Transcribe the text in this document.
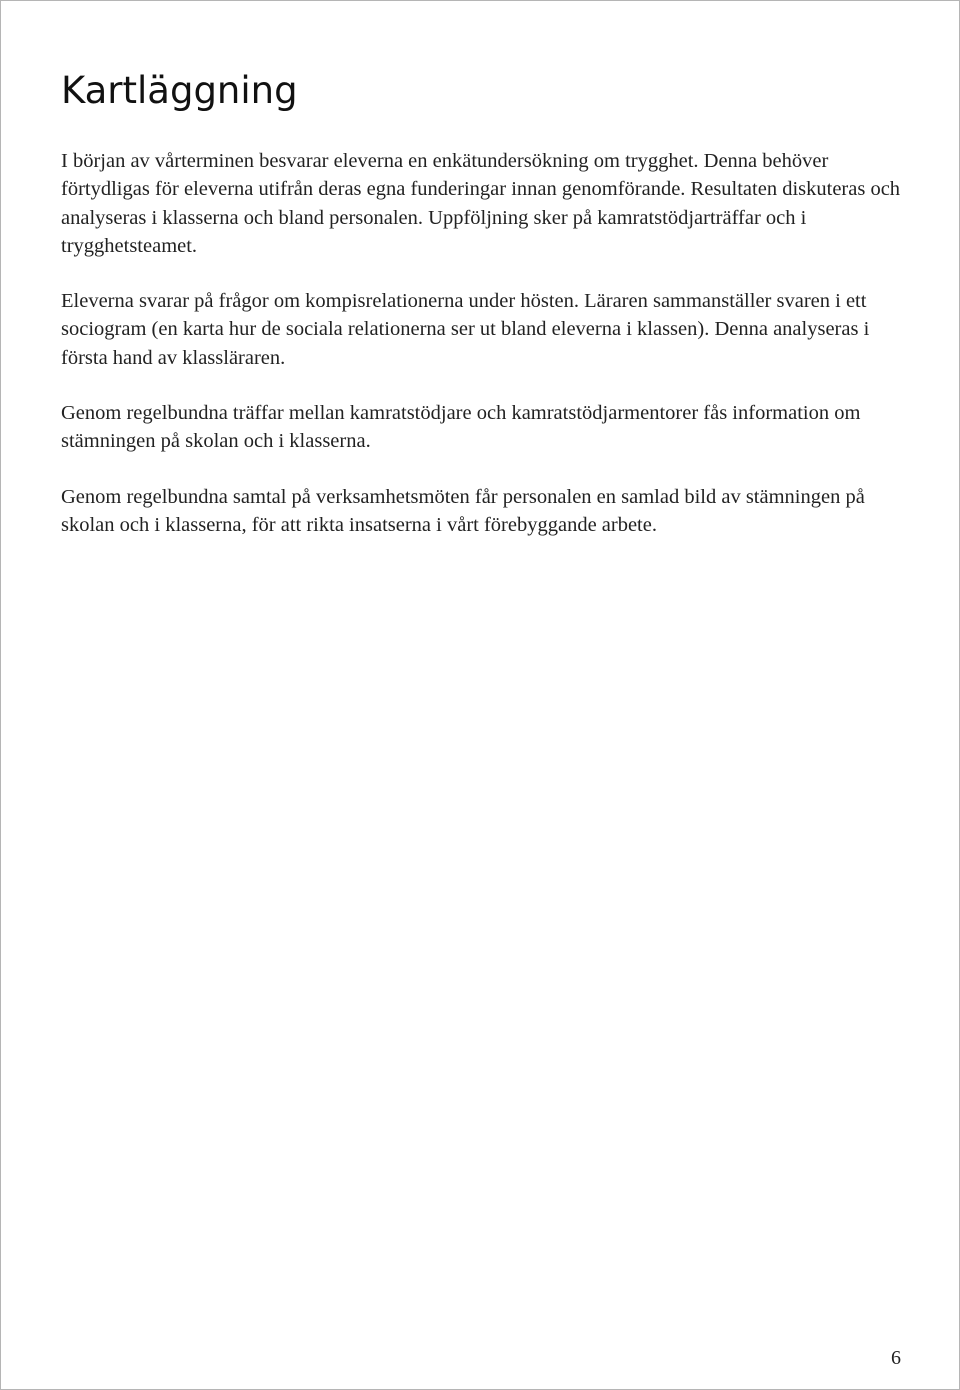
Kartläggning

I början av vårterminen besvarar eleverna en enkätundersökning om trygghet. Denna behöver förtydligas för eleverna utifrån deras egna funderingar innan genomförande. Resultaten diskuteras och analyseras i klasserna och bland personalen. Uppföljning sker på kamratstödjarträffar och i trygghetsteamet.

Eleverna svarar på frågor om kompisrelationerna under hösten. Läraren sammanställer svaren i ett sociogram (en karta hur de sociala relationerna ser ut bland eleverna i klassen). Denna analyseras i första hand av klassläraren.

Genom regelbundna träffar mellan kamratstödjare och kamratstödjarmentorer fås information om stämningen på skolan och i klasserna.

Genom regelbundna samtal på verksamhetsmöten får personalen en samlad bild av stämningen på skolan och i klasserna, för att rikta insatserna i vårt förebyggande arbete.

6
